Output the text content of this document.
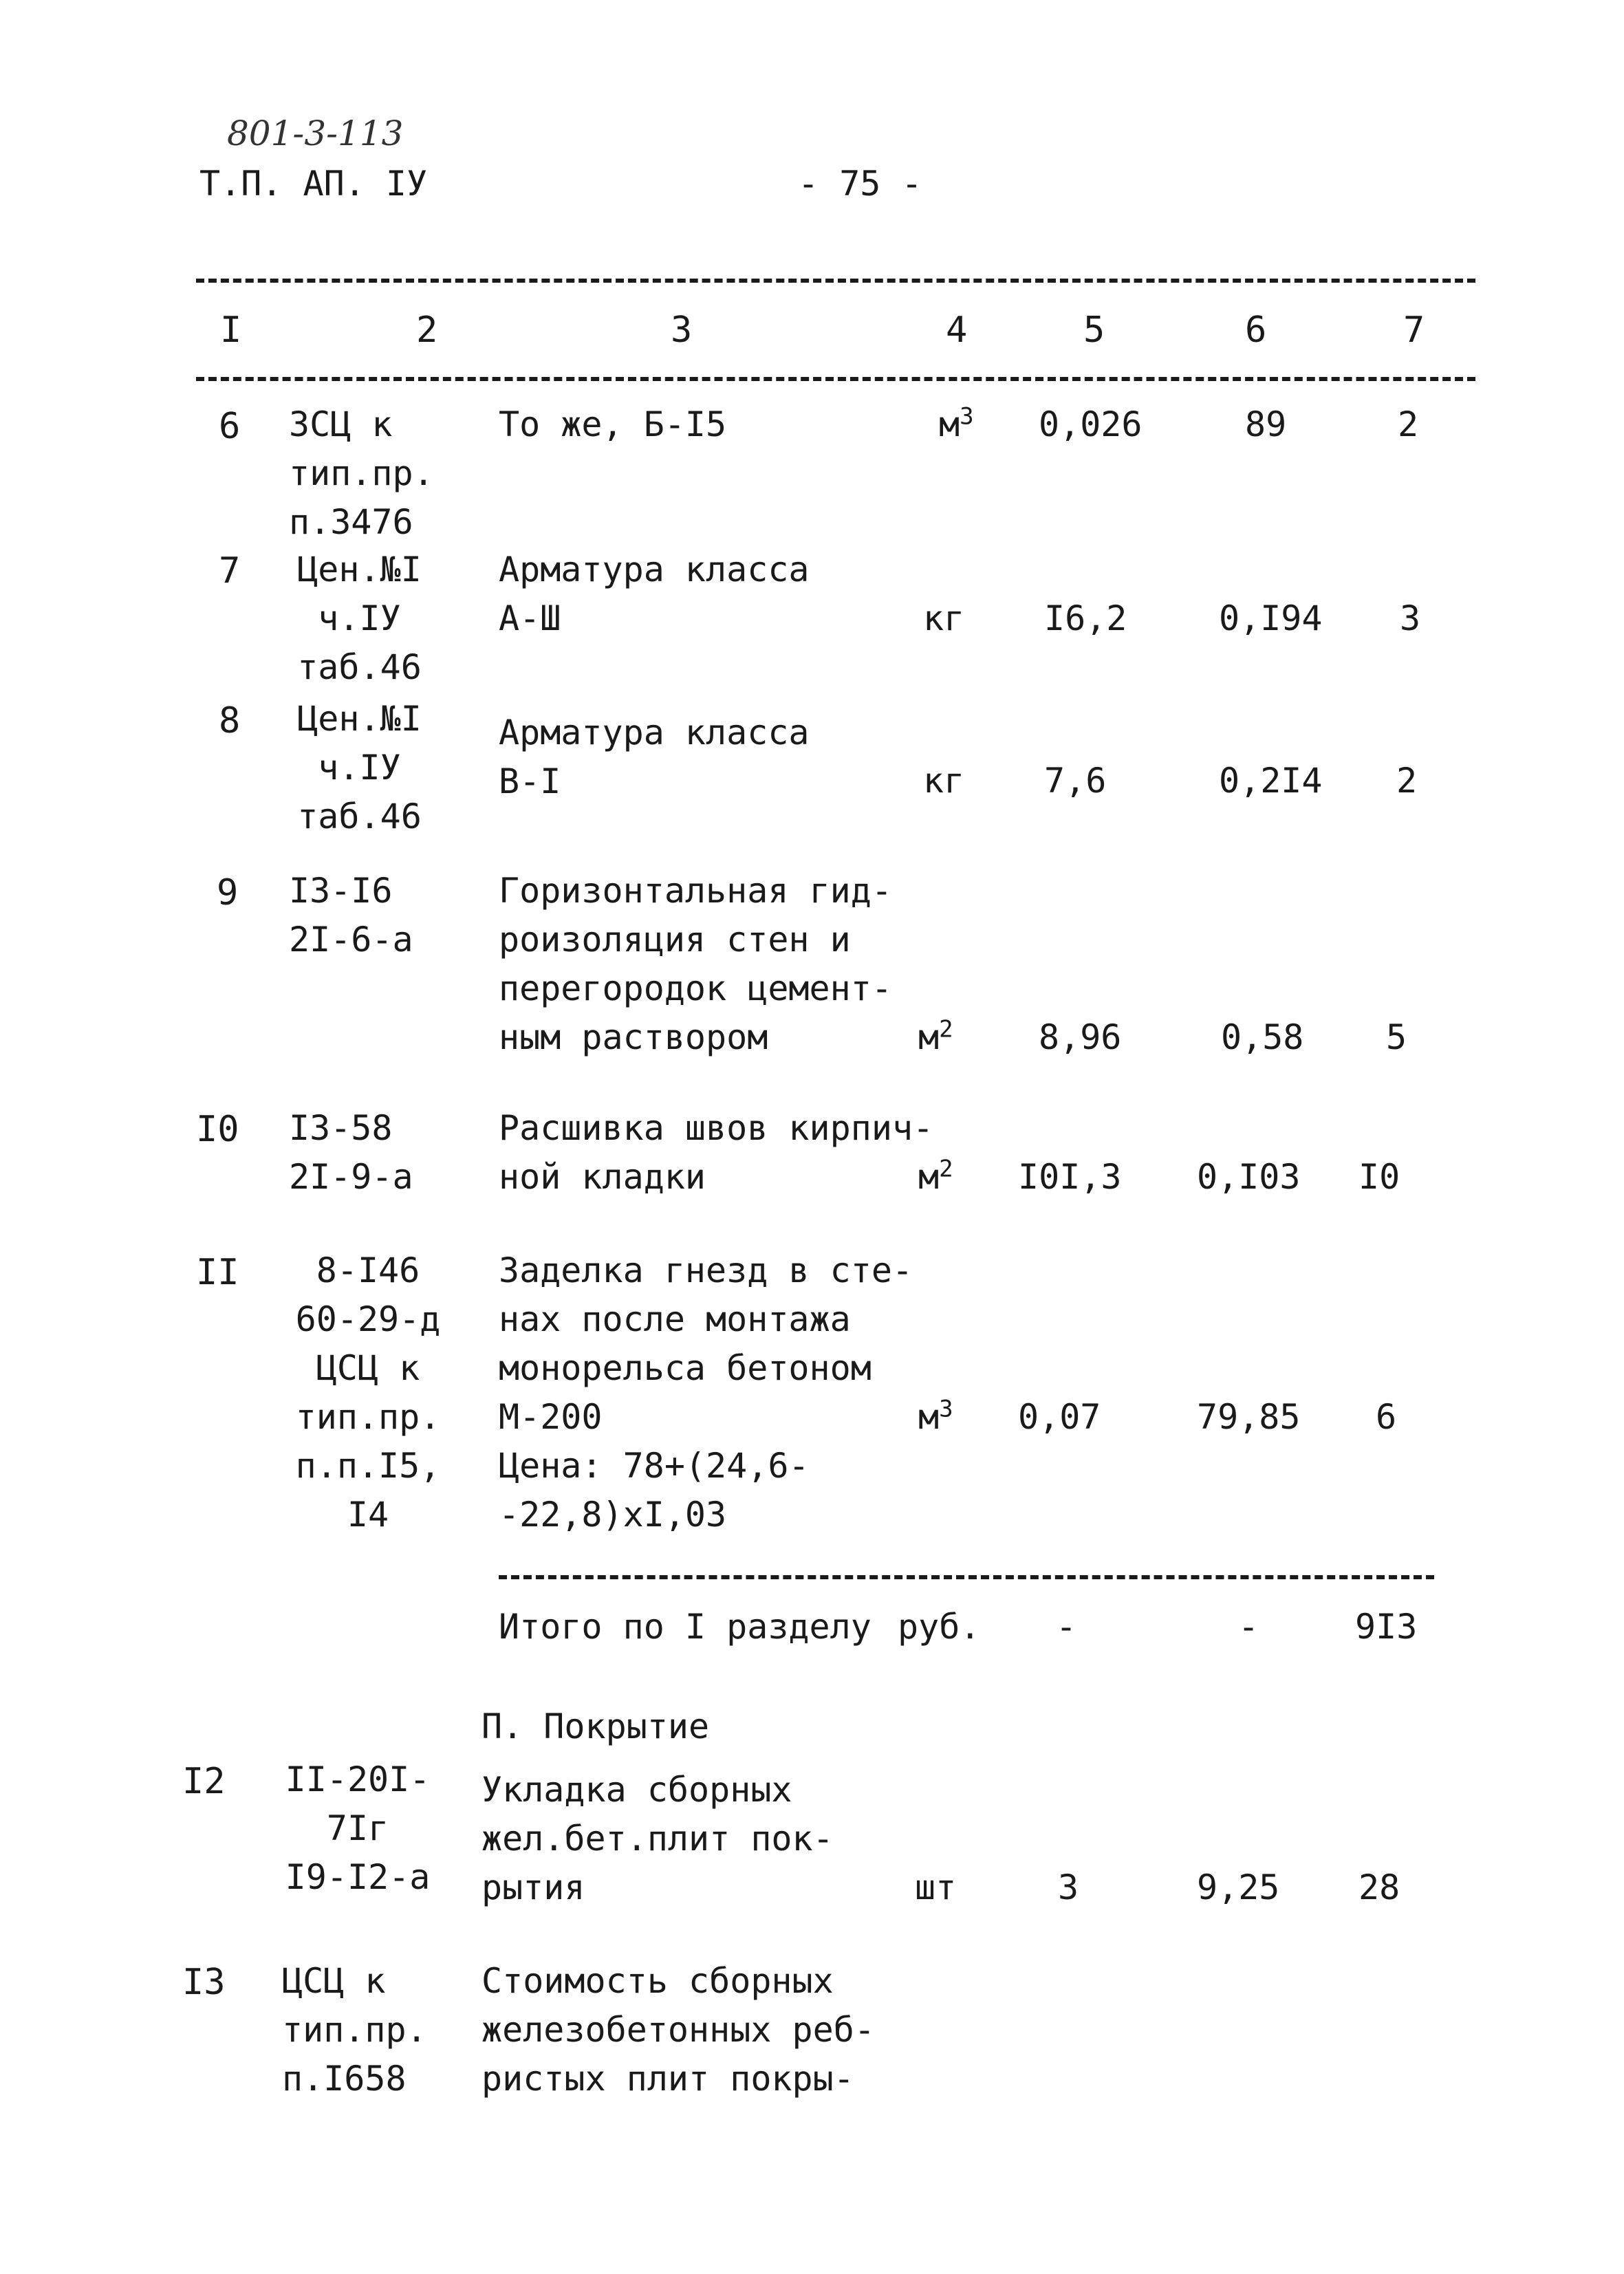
801-3-113
Т.П. АП. IУ	- 75 -
I	2	3	4	5	6	7
6 ЗСЦ к
тип.пр.
п.3476
То же, Б-I5	$м^3$ 0,026	89	2
7 Цен.№I
ч.IУ
таб.46
Арматура класса
А-Ш	кг I6,2	0,I94 3
8 Цен.№I
ч.IУ
таб.46
Арматура класса
В-I	кг 7,6	0,2I4 2
9 I3-I6
2I-6-а
Горизонтальная гид-
роизоляция стен и
перегородок цемент-
ным раствором	$м^2$ 8,96	0,58 5
I0 I3-58
2I-9-а
Расшивка швов кирпич-
ной кладки	$м^2$ I0I,3 0,I03 I0
II	8-I46
60-29-д
ЦСЦ к
тип.пр.
п.п.I5,
I4
Заделка гнезд в сте-
нах после монтажа
монорельса бетоном
М-200
Цена: 78+(24,6-
-22,8)хI,03
$м^3$ 0,07	79,85 6
Итого по I разделу руб. -	-	9I3
П. Покрытие
I2 II-20I-
7Iг
I9-I2-а
Укладка сборных
жел.бет.плит пок-
рытия	шт	3	9,25 28
I3 ЦСЦ к
тип.пр.
п.I658
Стоимость сборных
железобетонных реб-
ристых плит покры-
